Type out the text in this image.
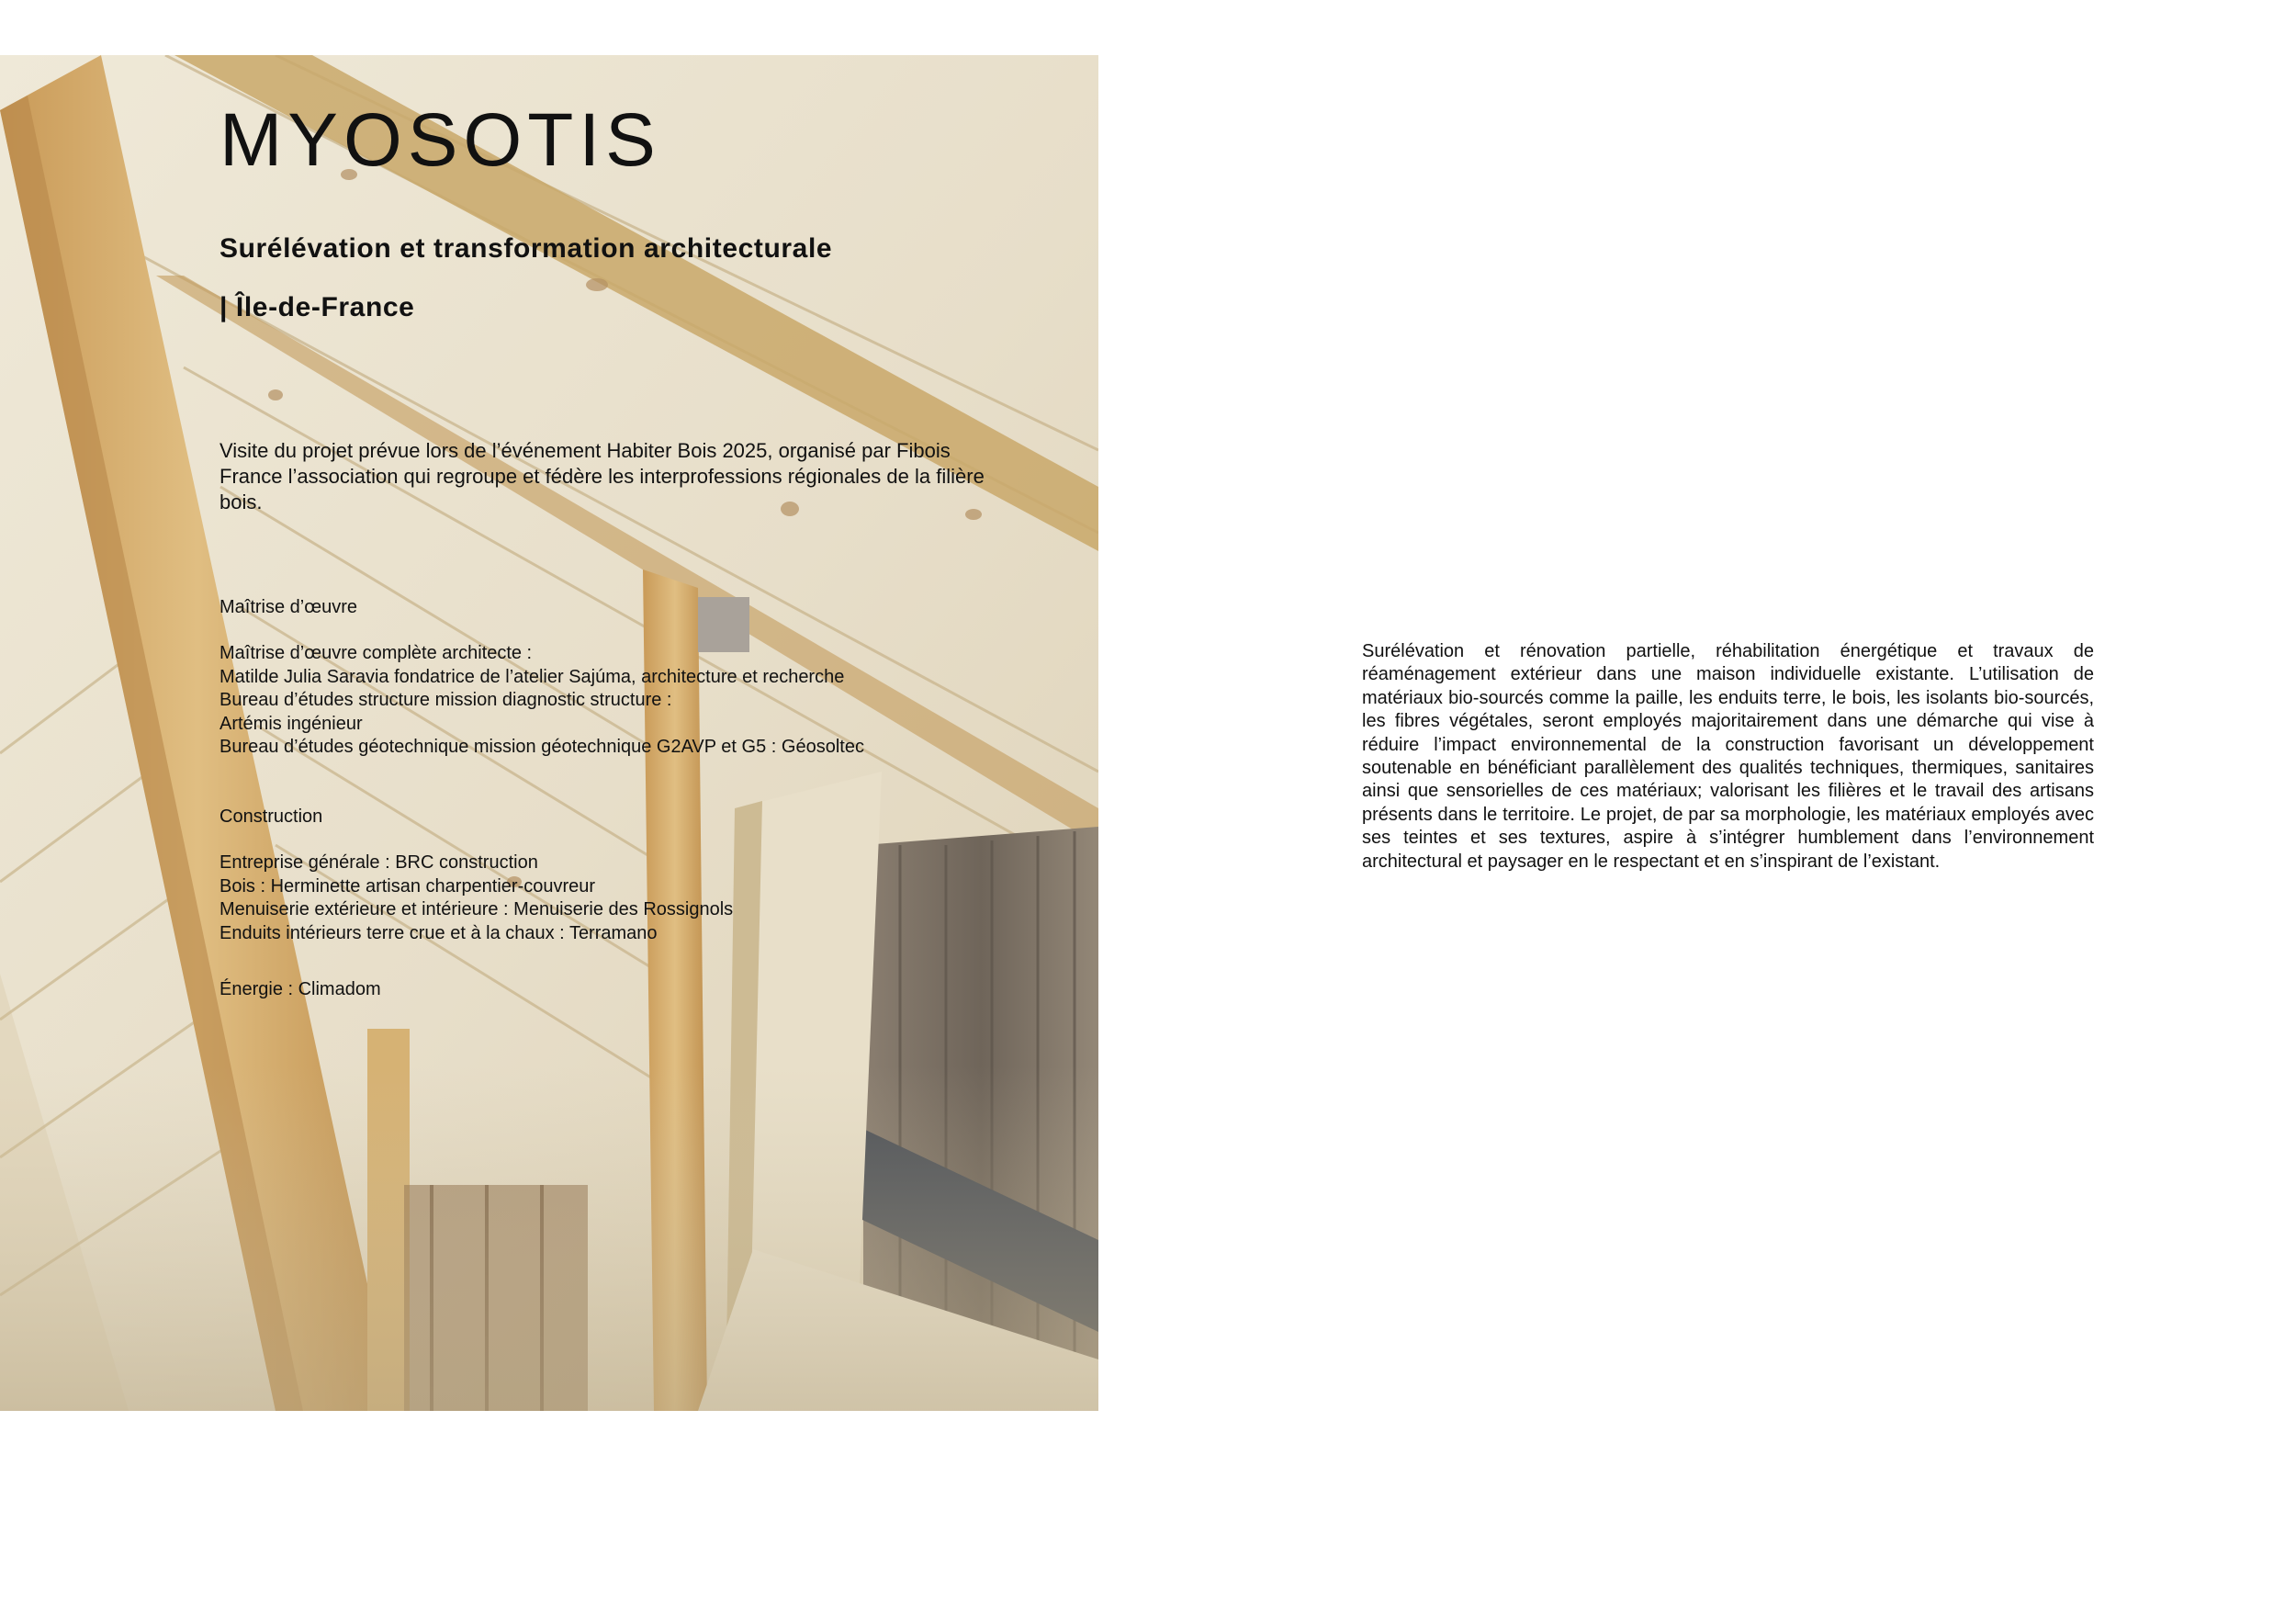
MYOSOTIS
Surélévation et transformation architecturale
| Île-de-France

Visite du projet prévue lors de l’événement Habiter Bois 2025, organisé par Fibois France l’association qui regroupe et fédère les interprofessions régionales de la filière bois.

Maîtrise d’œuvre

Maîtrise d’œuvre complète architecte :
Matilde Julia Saravia fondatrice de l’atelier Sajúma, architecture et recherche
Bureau d’études structure mission diagnostic structure :
Artémis ingénieur
Bureau d’études géotechnique mission géotechnique G2AVP et G5 : Géosoltec

Construction

Entreprise générale : BRC construction
Bois : Herminette artisan charpentier-couvreur
Menuiserie extérieure et intérieure : Menuiserie des Rossignols
Enduits intérieurs terre crue et à la chaux : Terramano

Énergie : Climadom

Surélévation et rénovation partielle, réhabilitation énergétique et travaux de réaménagement extérieur dans une maison individuelle existante. L’utilisation de matériaux bio-sourcés comme la paille, les enduits terre, le bois, les isolants bio-sourcés, les fibres végétales, seront employés majoritairement dans une démarche qui vise à réduire l’impact environnemental de la construction favorisant un développement soutenable en bénéficiant parallèlement des qualités techniques, thermiques, sanitaires ainsi que sensorielles de ces matériaux; valorisant les filières et le travail des artisans présents dans le territoire. Le projet, de par sa morphologie, les matériaux employés avec ses teintes et ses textures, aspire à s’intégrer humblement dans l’environnement architectural et paysager en le respectant et en s’inspirant de l’existant.
